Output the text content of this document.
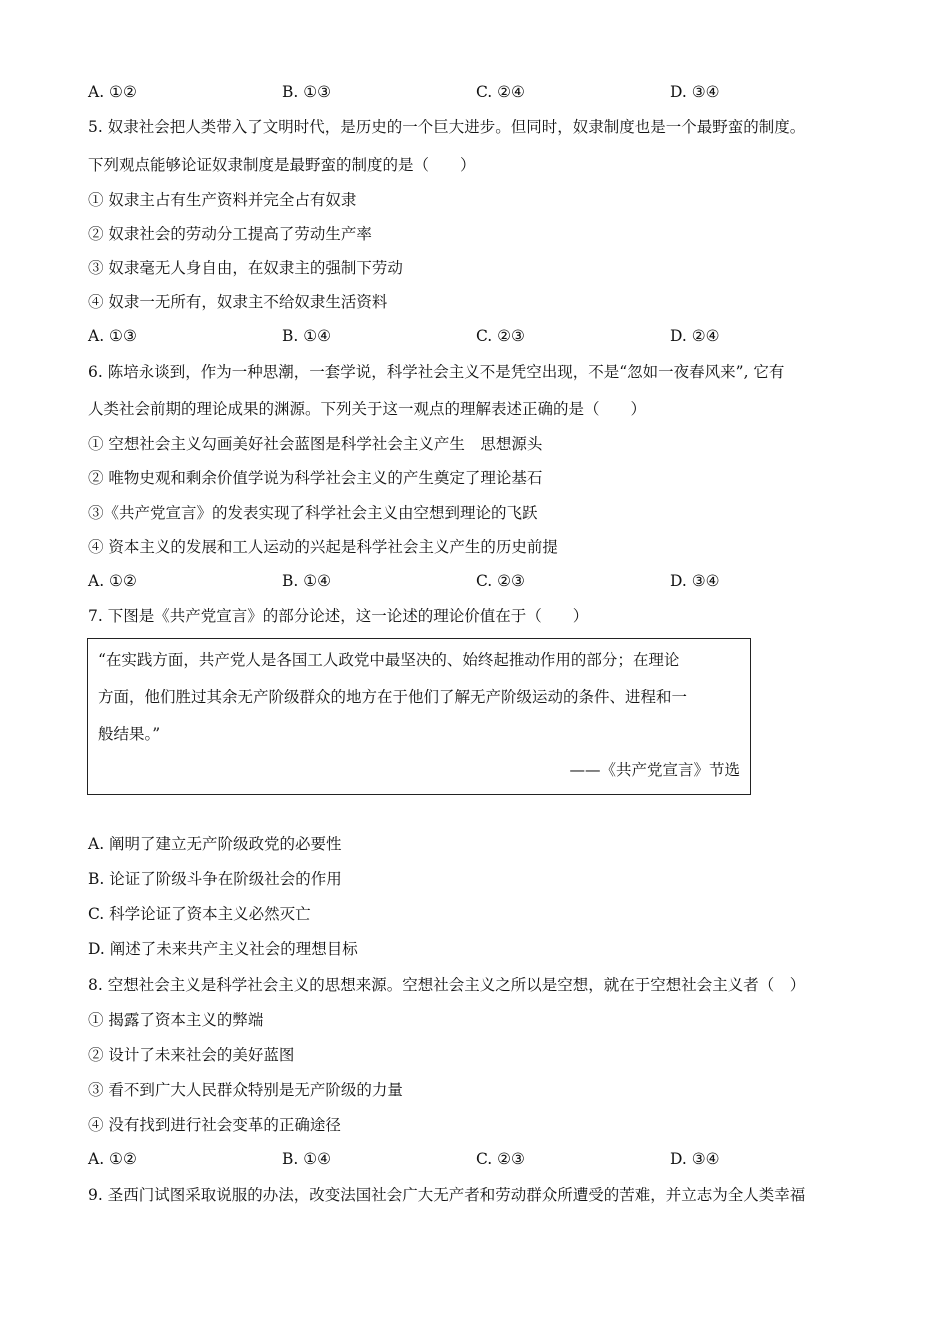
A. ①②	B. ①③	C. ②④	D. ③④
5. 奴隶社会把人类带入了文明时代，是历史的一个巨大进步。但同时，奴隶制度也是一个最野蛮的制度。
下列观点能够论证奴隶制度是最野蛮的制度的是（　　）
① 奴隶主占有生产资料并完全占有奴隶
② 奴隶社会的劳动分工提高了劳动生产率
③ 奴隶毫无人身自由，在奴隶主的强制下劳动
④ 奴隶一无所有，奴隶主不给奴隶生活资料
A. ①③	B. ①④	C. ②③	D. ②④
6. 陈培永谈到，作为一种思潮，一套学说，科学社会主义不是凭空出现，不是“忽如一夜春风来”, 它有
人类社会前期的理论成果的渊源。下列关于这一观点的理解表述正确的是（　　）
① 空想社会主义勾画美好社会蓝图是科学社会主义产生　思想源头
② 唯物史观和剩余价值学说为科学社会主义的产生奠定了理论基石
③《共产党宣言》的发表实现了科学社会主义由空想到理论的飞跃
④ 资本主义的发展和工人运动的兴起是科学社会主义产生的历史前提
A. ①②	B. ①④	C. ②③	D. ③④
7. 下图是《共产党宣言》的部分论述，这一论述的理论价值在于（　　）
“在实践方面，共产党人是各国工人政党中最坚决的、始终起推动作用的部分；在理论
方面，他们胜过其余无产阶级群众的地方在于他们了解无产阶级运动的条件、进程和一
般结果。”
——《共产党宣言》节选
A. 阐明了建立无产阶级政党的必要性
B. 论证了阶级斗争在阶级社会的作用
C. 科学论证了资本主义必然灭亡
D. 阐述了未来共产主义社会的理想目标
8. 空想社会主义是科学社会主义的思想来源。空想社会主义之所以是空想，就在于空想社会主义者（　）
① 揭露了资本主义的弊端
② 设计了未来社会的美好蓝图
③ 看不到广大人民群众特别是无产阶级的力量
④ 没有找到进行社会变革的正确途径
A. ①②	B. ①④	C. ②③	D. ③④
9. 圣西门试图采取说服的办法，改变法国社会广大无产者和劳动群众所遭受的苦难，并立志为全人类幸福
